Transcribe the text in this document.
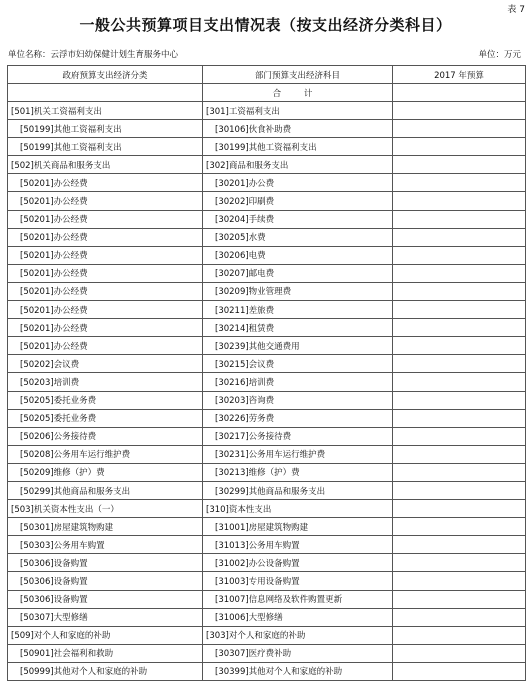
表 7
一般公共预算项目支出情况表（按支出经济分类科目）
单位名称：云浮市妇幼保健计划生育服务中心	单位：万元
政府预算支出经济分类	部门预算支出经济科目	2017 年预算
	合 计	
[501]机关工资福利支出	[301]工资福利支出	
[50199]其他工资福利支出	[30106]伙食补助费	
[50199]其他工资福利支出	[30199]其他工资福利支出	
[502]机关商品和服务支出	[302]商品和服务支出	
[50201]办公经费	[30201]办公费	
[50201]办公经费	[30202]印刷费	
[50201]办公经费	[30204]手续费	
[50201]办公经费	[30205]水费	
[50201]办公经费	[30206]电费	
[50201]办公经费	[30207]邮电费	
[50201]办公经费	[30209]物业管理费	
[50201]办公经费	[30211]差旅费	
[50201]办公经费	[30214]租赁费	
[50201]办公经费	[30239]其他交通费用	
[50202]会议费	[30215]会议费	
[50203]培训费	[30216]培训费	
[50205]委托业务费	[30203]咨询费	
[50205]委托业务费	[30226]劳务费	
[50206]公务接待费	[30217]公务接待费	
[50208]公务用车运行维护费	[30231]公务用车运行维护费	
[50209]维修（护）费	[30213]维修（护）费	
[50299]其他商品和服务支出	[30299]其他商品和服务支出	
[503]机关资本性支出（一）	[310]资本性支出	
[50301]房屋建筑物购建	[31001]房屋建筑物购建	
[50303]公务用车购置	[31013]公务用车购置	
[50306]设备购置	[31002]办公设备购置	
[50306]设备购置	[31003]专用设备购置	
[50306]设备购置	[31007]信息网络及软件购置更新	
[50307]大型修缮	[31006]大型修缮	
[509]对个人和家庭的补助	[303]对个人和家庭的补助	
[50901]社会福利和救助	[30307]医疗费补助	
[50999]其他对个人和家庭的补助	[30399]其他对个人和家庭的补助	
